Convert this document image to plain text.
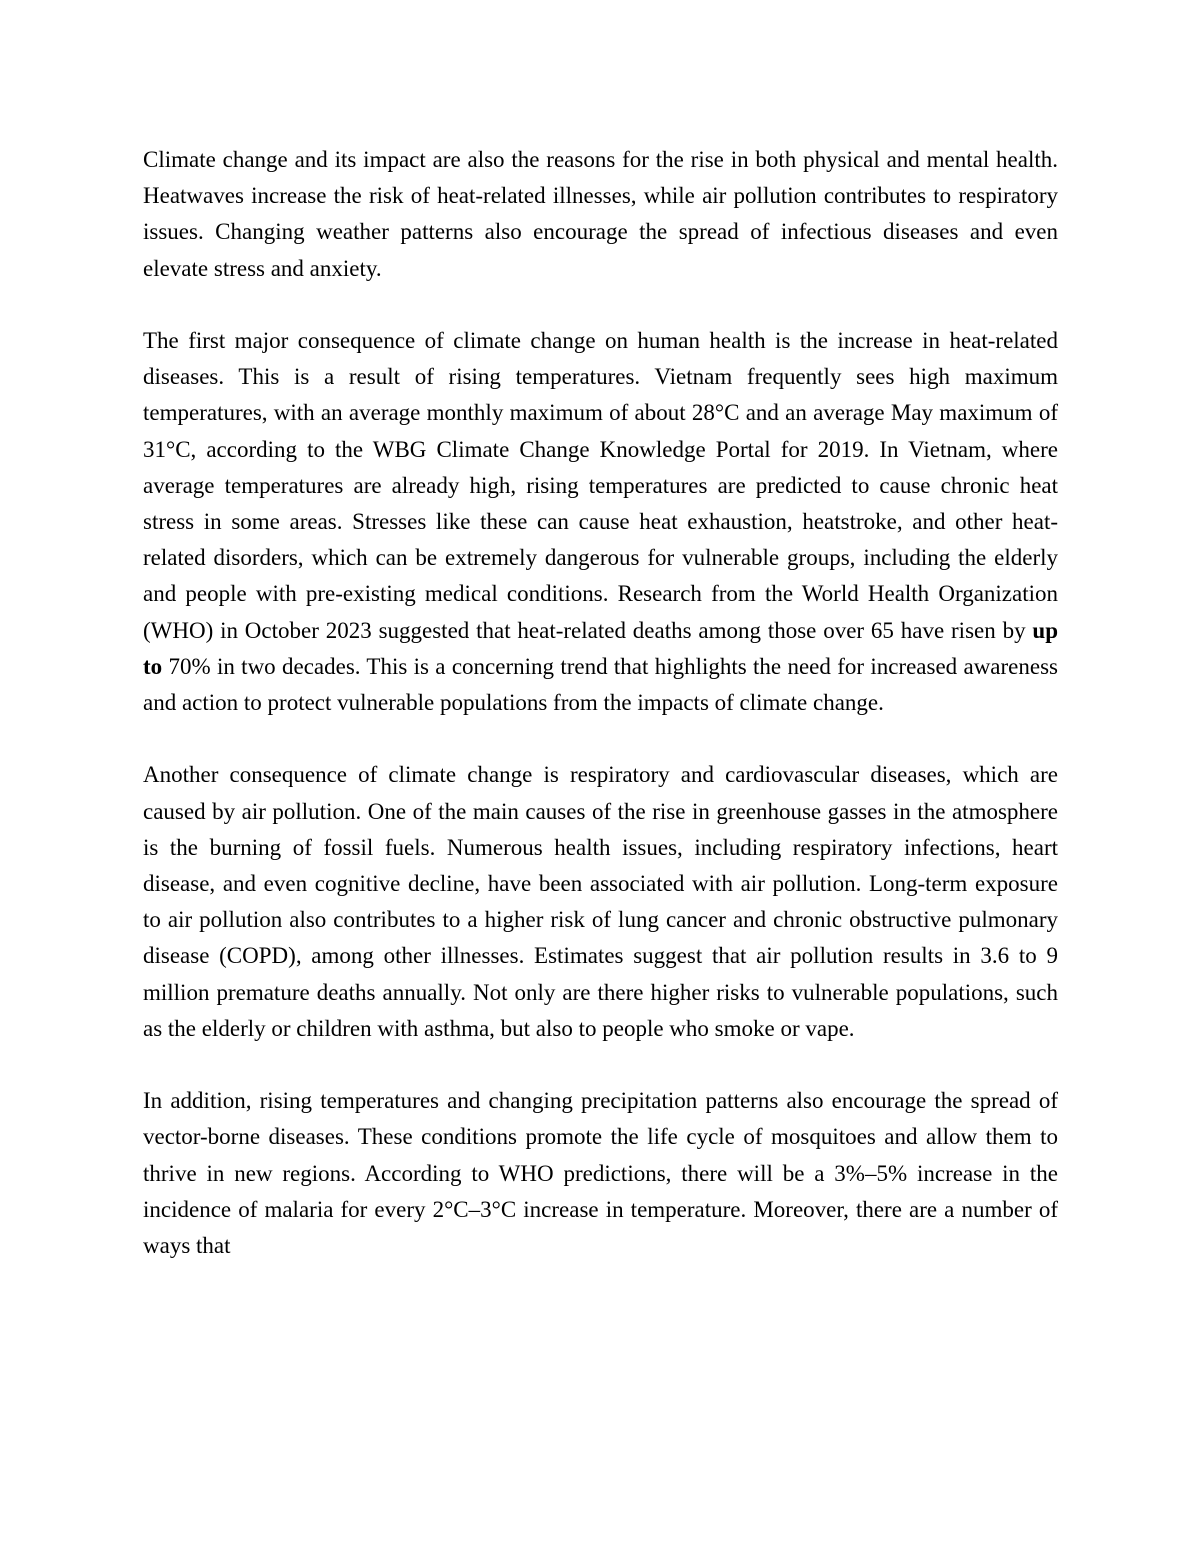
Climate change and its impact are also the reasons for the rise in both physical and mental health. Heatwaves increase the risk of heat-related illnesses, while air pollution contributes to respiratory issues. Changing weather patterns also encourage the spread of infectious diseases and even elevate stress and anxiety.

The first major consequence of climate change on human health is the increase in heat-related diseases. This is a result of rising temperatures. Vietnam frequently sees high maximum temperatures, with an average monthly maximum of about 28°C and an average May maximum of 31°C, according to the WBG Climate Change Knowledge Portal for 2019. In Vietnam, where average temperatures are already high, rising temperatures are predicted to cause chronic heat stress in some areas. Stresses like these can cause heat exhaustion, heatstroke, and other heat-related disorders, which can be extremely dangerous for vulnerable groups, including the elderly and people with pre-existing medical conditions. Research from the World Health Organization (WHO) in October 2023 suggested that heat-related deaths among those over 65 have risen by up to 70% in two decades. This is a concerning trend that highlights the need for increased awareness and action to protect vulnerable populations from the impacts of climate change.

Another consequence of climate change is respiratory and cardiovascular diseases, which are caused by air pollution. One of the main causes of the rise in greenhouse gasses in the atmosphere is the burning of fossil fuels. Numerous health issues, including respiratory infections, heart disease, and even cognitive decline, have been associated with air pollution. Long-term exposure to air pollution also contributes to a higher risk of lung cancer and chronic obstructive pulmonary disease (COPD), among other illnesses. Estimates suggest that air pollution results in 3.6 to 9 million premature deaths annually. Not only are there higher risks to vulnerable populations, such as the elderly or children with asthma, but also to people who smoke or vape.

In addition, rising temperatures and changing precipitation patterns also encourage the spread of vector-borne diseases. These conditions promote the life cycle of mosquitoes and allow them to thrive in new regions. According to WHO predictions, there will be a 3%–5% increase in the incidence of malaria for every 2°C–3°C increase in temperature. Moreover, there are a number of ways that
